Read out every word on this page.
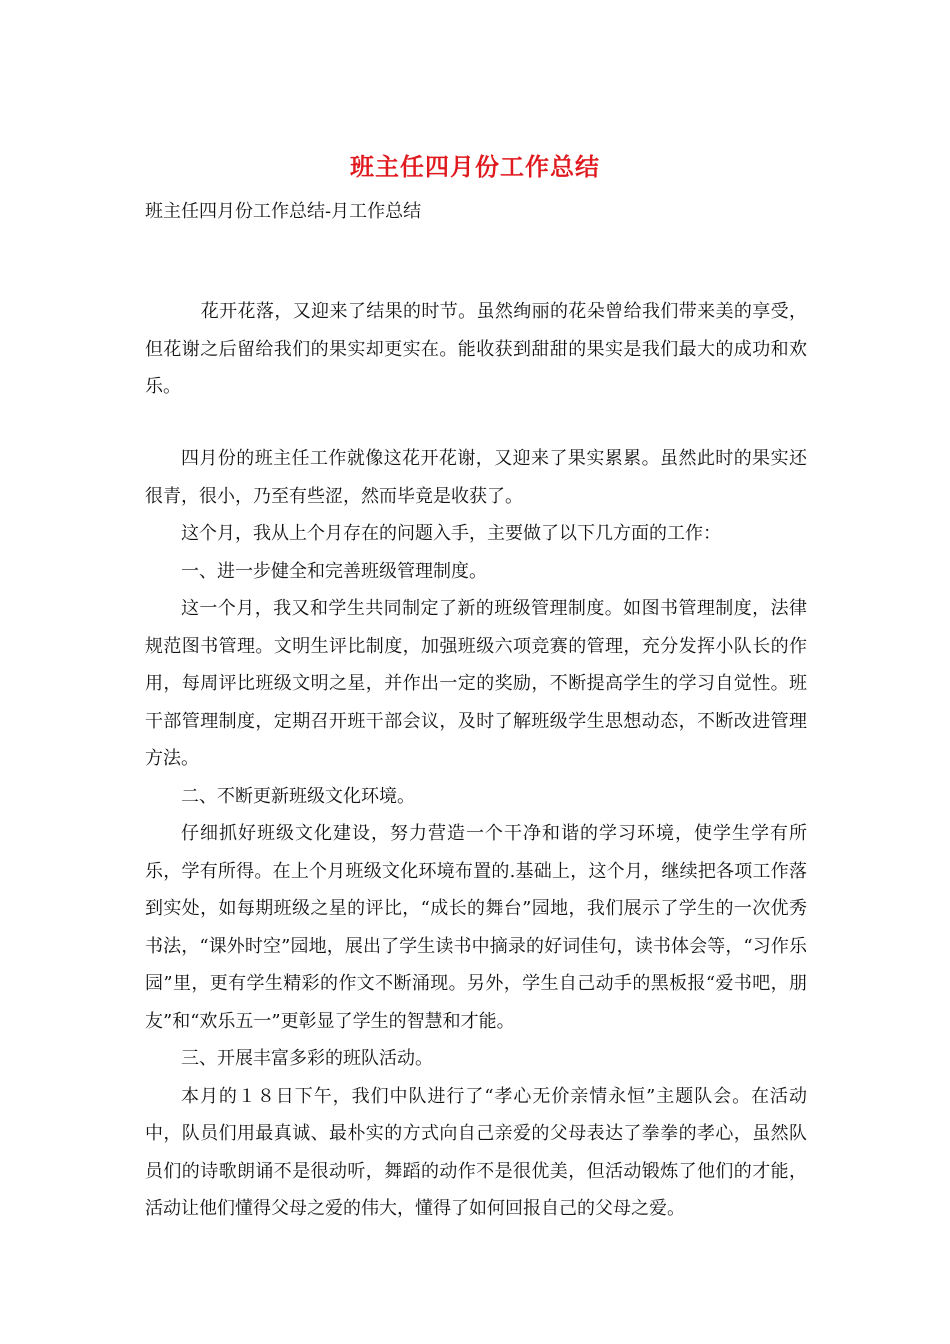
班主任四月份工作总结
班主任四月份工作总结-月工作总结

花开花落，又迎来了结果的时节。虽然绚丽的花朵曾给我们带来美的享受，但花谢之后留给我们的果实却更实在。能收获到甜甜的果实是我们最大的成功和欢乐。

四月份的班主任工作就像这花开花谢，又迎来了果实累累。虽然此时的果实还很青，很小，乃至有些涩，然而毕竟是收获了。

这个月，我从上个月存在的问题入手，主要做了以下几方面的工作：

一、进一步健全和完善班级管理制度。

这一个月，我又和学生共同制定了新的班级管理制度。如图书管理制度，法律规范图书管理。文明生评比制度，加强班级六项竞赛的管理，充分发挥小队长的作用，每周评比班级文明之星，并作出一定的奖励，不断提高学生的学习自觉性。班干部管理制度，定期召开班干部会议，及时了解班级学生思想动态，不断改进管理方法。

二、不断更新班级文化环境。

仔细抓好班级文化建设，努力营造一个干净和谐的学习环境，使学生学有所乐，学有所得。在上个月班级文化环境布置的.基础上，这个月，继续把各项工作落到实处，如每期班级之星的评比，“成长的舞台”园地，我们展示了学生的一次优秀书法，“课外时空”园地，展出了学生读书中摘录的好词佳句，读书体会等，“习作乐园”里，更有学生精彩的作文不断涌现。另外，学生自己动手的黑板报“爱书吧，朋友”和“欢乐五一”更彰显了学生的智慧和才能。

三、开展丰富多彩的班队活动。

本月的１８日下午，我们中队进行了“孝心无价亲情永恒”主题队会。在活动中，队员们用最真诚、最朴实的方式向自己亲爱的父母表达了拳拳的孝心，虽然队员们的诗歌朗诵不是很动听，舞蹈的动作不是很优美，但活动锻炼了他们的才能，活动让他们懂得父母之爱的伟大，懂得了如何回报自己的父母之爱。
